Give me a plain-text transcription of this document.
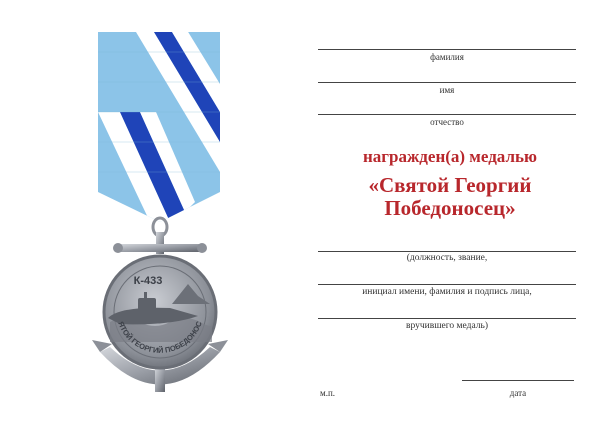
ЯТОЙ ГЕОРГИЙ ПОБЕДОНОС
К-433
фамилия
имя
отчество
награжден(а) медалью
«Святой Георгий
Победоносец»
(должность, звание,
инициал имени, фамилия и подпись лица,
вручившего медаль)
м.п.	дата
